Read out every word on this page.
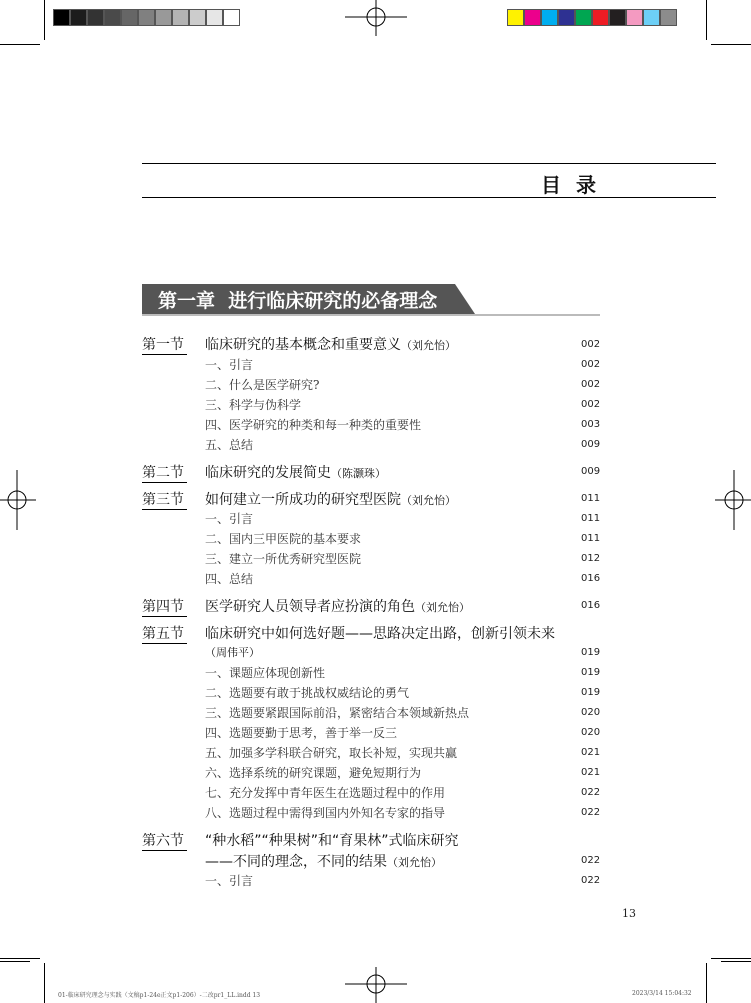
目 录
第一章  进行临床研究的必备理念
第一节 临床研究的基本概念和重要意义（刘允怡）	002
一、引言	002
二、什么是医学研究?	002
三、科学与伪科学	002
四、医学研究的种类和每一种类的重要性	003
五、总结	009
第二节 临床研究的发展简史（陈灏珠）	009
第三节 如何建立一所成功的研究型医院（刘允怡）	011
一、引言	011
二、国内三甲医院的基本要求	011
三、建立一所优秀研究型医院	012
四、总结	016
第四节 医学研究人员领导者应扮演的角色（刘允怡）	016
第五节 临床研究中如何选好题——思路决定出路，创新引领未来
（周伟平）	019
一、课题应体现创新性	019
二、选题要有敢于挑战权威结论的勇气	019
三、选题要紧跟国际前沿，紧密结合本领域新热点	020
四、选题要勤于思考，善于举一反三	020
五、加强多学科联合研究，取长补短，实现共赢	021
六、选择系统的研究课题，避免短期行为	021
七、充分发挥中青年医生在选题过程中的作用	022
八、选题过程中需得到国内外知名专家的指导	022
第六节 “种水稻”“种果树”和“育果林”式临床研究
——不同的理念，不同的结果（刘允怡）	022
一、引言	022
13
01-临床研究理念与实践（文稿p1-24e正文p1-206）-二改pr1_LL.indd 13	2023/3/14 15:04:32
